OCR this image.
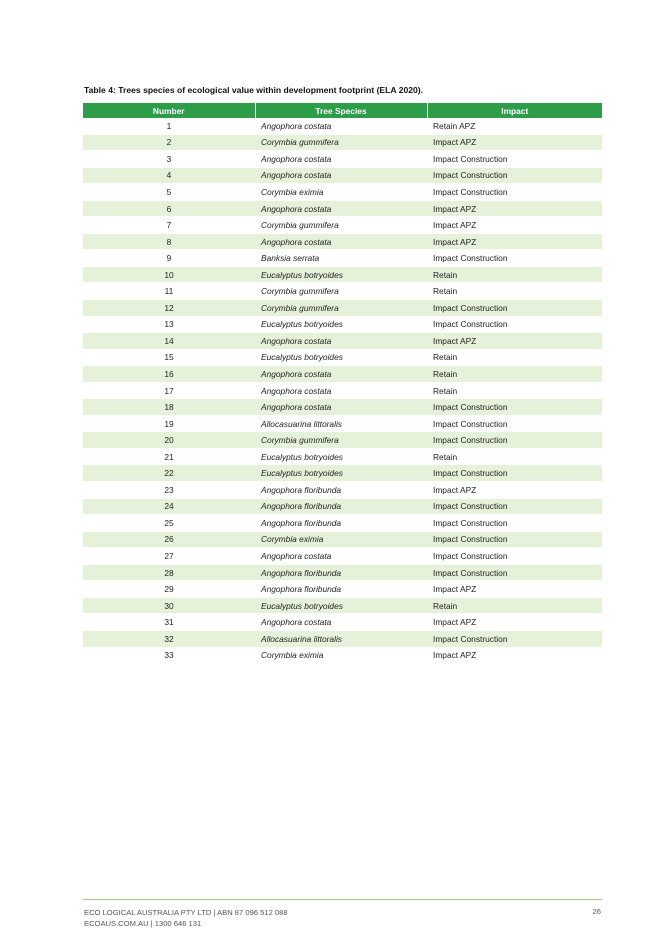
Table 4: Trees species of ecological value within development footprint (ELA 2020).
Number	Tree Species	Impact
1	Angophora costata	Retain APZ
2	Corymbia gummifera	Impact APZ
3	Angophora costata	Impact Construction
4	Angophora costata	Impact Construction
5	Corymbia eximia	Impact Construction
6	Angophora costata	Impact APZ
7	Corymbia gummifera	Impact APZ
8	Angophora costata	Impact APZ
9	Banksia serrata	Impact Construction
10	Eucalyptus botryoides	Retain
11	Corymbia gummifera	Retain
12	Corymbia gummifera	Impact Construction
13	Eucalyptus botryoides	Impact Construction
14	Angophora costata	Impact APZ
15	Eucalyptus botryoides	Retain
16	Angophora costata	Retain
17	Angophora costata	Retain
18	Angophora costata	Impact Construction
19	Allocasuarina littoralis	Impact Construction
20	Corymbia gummifera	Impact Construction
21	Eucalyptus botryoides	Retain
22	Eucalyptus botryoides	Impact Construction
23	Angophora floribunda	Impact APZ
24	Angophora floribunda	Impact Construction
25	Angophora floribunda	Impact Construction
26	Corymbia eximia	Impact Construction
27	Angophora costata	Impact Construction
28	Angophora floribunda	Impact Construction
29	Angophora floribunda	Impact APZ
30	Eucalyptus botryoides	Retain
31	Angophora costata	Impact APZ
32	Allocasuarina littoralis	Impact Construction
33	Corymbia eximia	Impact APZ
ECO LOGICAL AUSTRALIA PTY LTD | ABN 87 096 512 088
ECOAUS.COM.AU | 1300 646 131
26
